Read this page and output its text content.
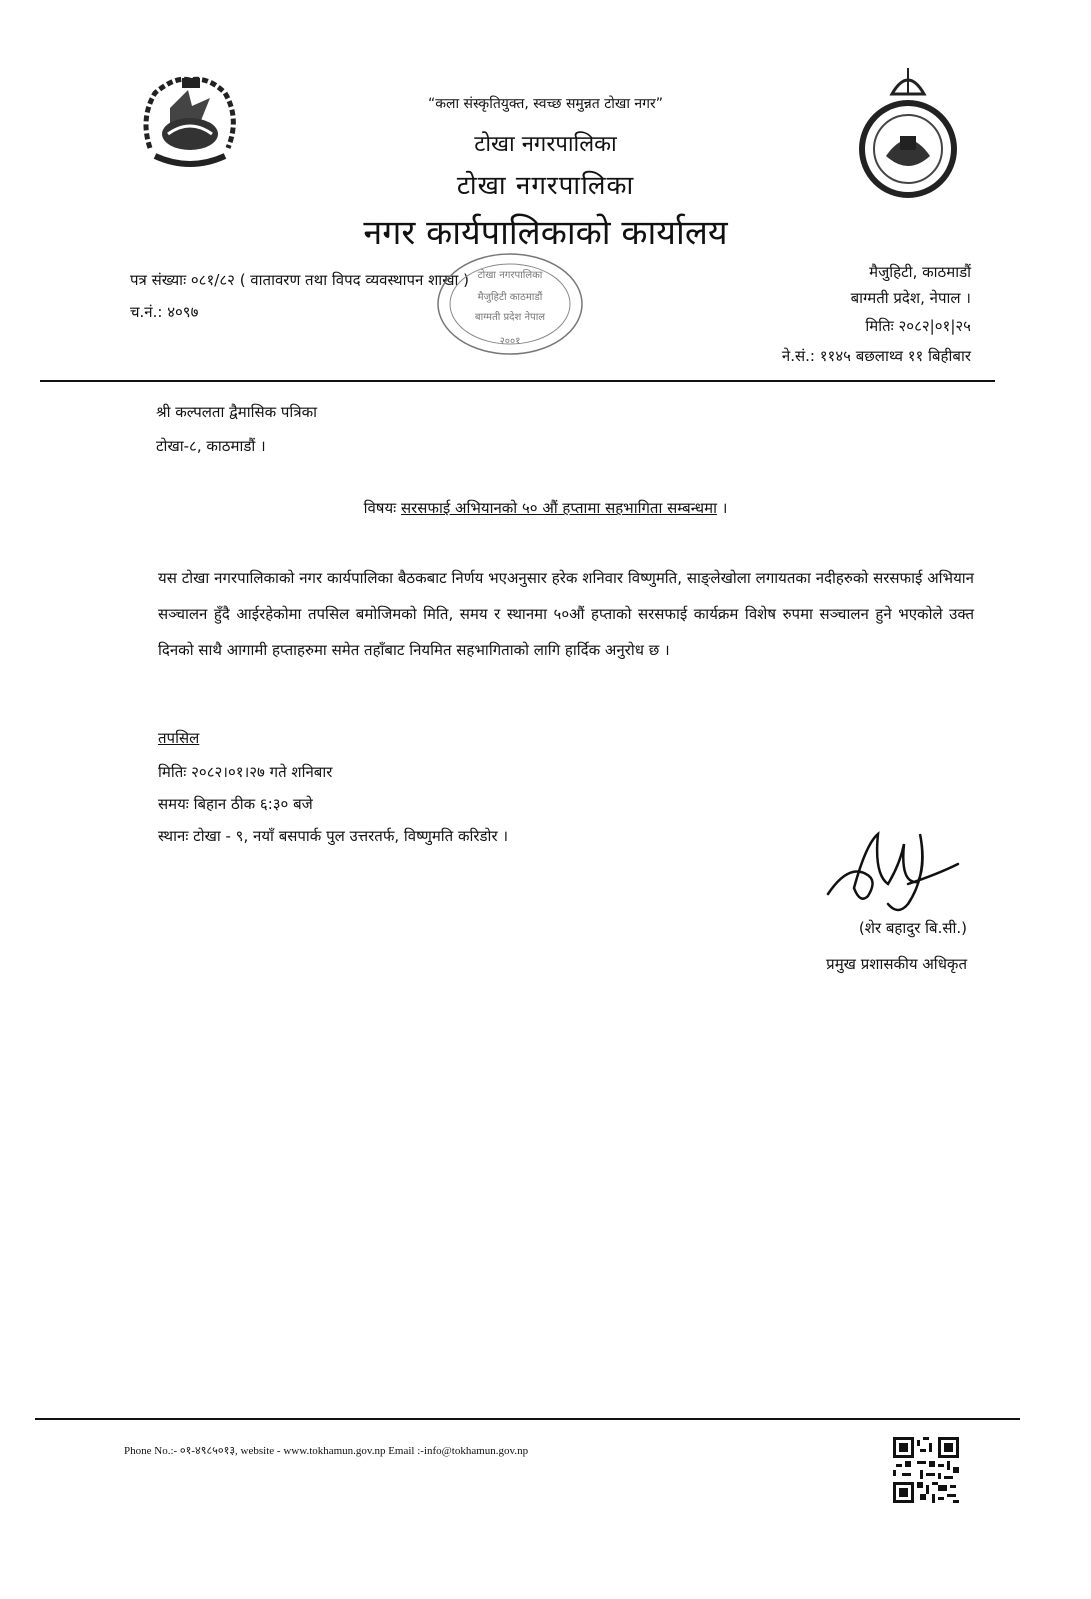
“कला संस्कृतियुक्त, स्वच्छ समुन्नत टोखा नगर”
टोखा नगरपालिका
टोखा नगरपालिका
नगर कार्यपालिकाको कार्यालय
पत्र संख्याः ०८१/८२ ( वातावरण तथा विपद व्यवस्थापन शाखा )
च.नं.: ४०९७
टोखा नगरपालिका
मैजुहिटी काठमाडौं
बाग्मती प्रदेश नेपाल
२००१
मैजुहिटी, काठमाडौं
बाग्मती प्रदेश, नेपाल ।
मितिः २०८२|०१|२५
ने.सं.: ११४५ बछलाथ्व ११ बिहीबार
श्री कल्पलता द्वैमासिक पत्रिका
टोखा-८, काठमाडौं ।
विषयः सरसफाई अभियानको ५० औं हप्तामा सहभागिता सम्बन्धमा ।
यस टोखा नगरपालिकाको नगर कार्यपालिका बैठकबाट निर्णय भएअनुसार हरेक शनिवार विष्णुमति, साङ्लेखोला लगायतका नदीहरुको सरसफाई अभियान सञ्चालन हुँदै आईरहेकोमा तपसिल बमोजिमको मिति, समय र स्थानमा ५०औं हप्ताको सरसफाई कार्यक्रम विशेष रुपमा सञ्चालन हुने भएकोले उक्त दिनको साथै आगामी हप्ताहरुमा समेत तहाँबाट नियमित सहभागिताको लागि हार्दिक अनुरोध छ ।
तपसिल
मितिः २०८२।०१।२७ गते शनिबार
समयः बिहान ठीक ६:३० बजे
स्थानः टोखा - ९, नयाँ बसपार्क पुल उत्तरतर्फ, विष्णुमति करिडोर ।
(शेर बहादुर बि.सी.)
प्रमुख प्रशासकीय अधिकृत
Phone No.:- ०१-४९८५०१३, website - www.tokhamun.gov.np Email :-info@tokhamun.gov.np
